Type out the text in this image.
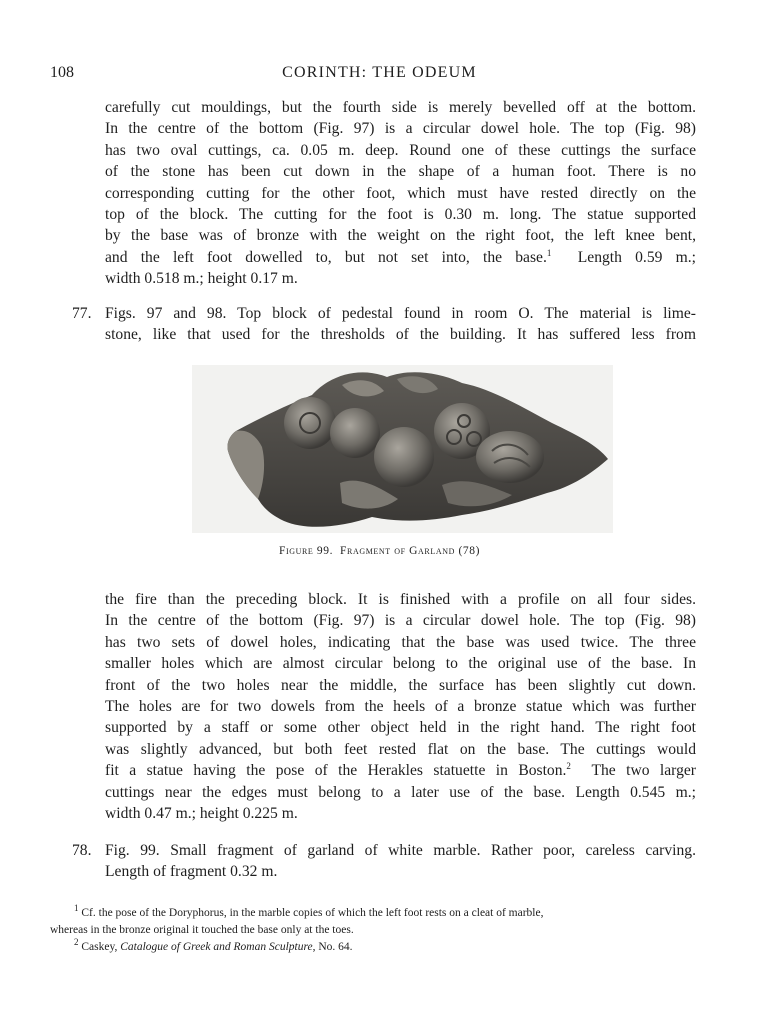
108	CORINTH: THE ODEUM
carefully cut mouldings, but the fourth side is merely bevelled off at the bottom.
In the centre of the bottom (Fig. 97) is a circular dowel hole. The top (Fig. 98)
has two oval cuttings, ca. 0.05 m. deep. Round one of these cuttings the surface
of the stone has been cut down in the shape of a human foot. There is no
corresponding cutting for the other foot, which must have rested directly on the
top of the block. The cutting for the foot is 0.30 m. long. The statue supported
by the base was of bronze with the weight on the right foot, the left knee bent,
and the left foot dowelled to, but not set into, the base.$^1$  Length 0.59 m.;
width 0.518 m.; height 0.17 m.
77. Figs. 97 and 98. Top block of pedestal found in room O. The material is lime-
stone, like that used for the thresholds of the building. It has suffered less from
Figure 99. Fragment of Garland (78)
the fire than the preceding block. It is finished with a profile on all four sides.
In the centre of the bottom (Fig. 97) is a circular dowel hole. The top (Fig. 98)
has two sets of dowel holes, indicating that the base was used twice. The three
smaller holes which are almost circular belong to the original use of the base. In
front of the two holes near the middle, the surface has been slightly cut down.
The holes are for two dowels from the heels of a bronze statue which was further
supported by a staff or some other object held in the right hand. The right foot
was slightly advanced, but both feet rested flat on the base. The cuttings would
fit a statue having the pose of the Herakles statuette in Boston.$^2$  The two larger
cuttings near the edges must belong to a later use of the base. Length 0.545 m.;
width 0.47 m.; height 0.225 m.
78. Fig. 99. Small fragment of garland of white marble. Rather poor, careless carving.
Length of fragment 0.32 m.
$^1$ Cf. the pose of the Doryphorus, in the marble copies of which the left foot rests on a cleat of marble,
whereas in the bronze original it touched the base only at the toes.
$^2$ Caskey, Catalogue of Greek and Roman Sculpture, No. 64.
